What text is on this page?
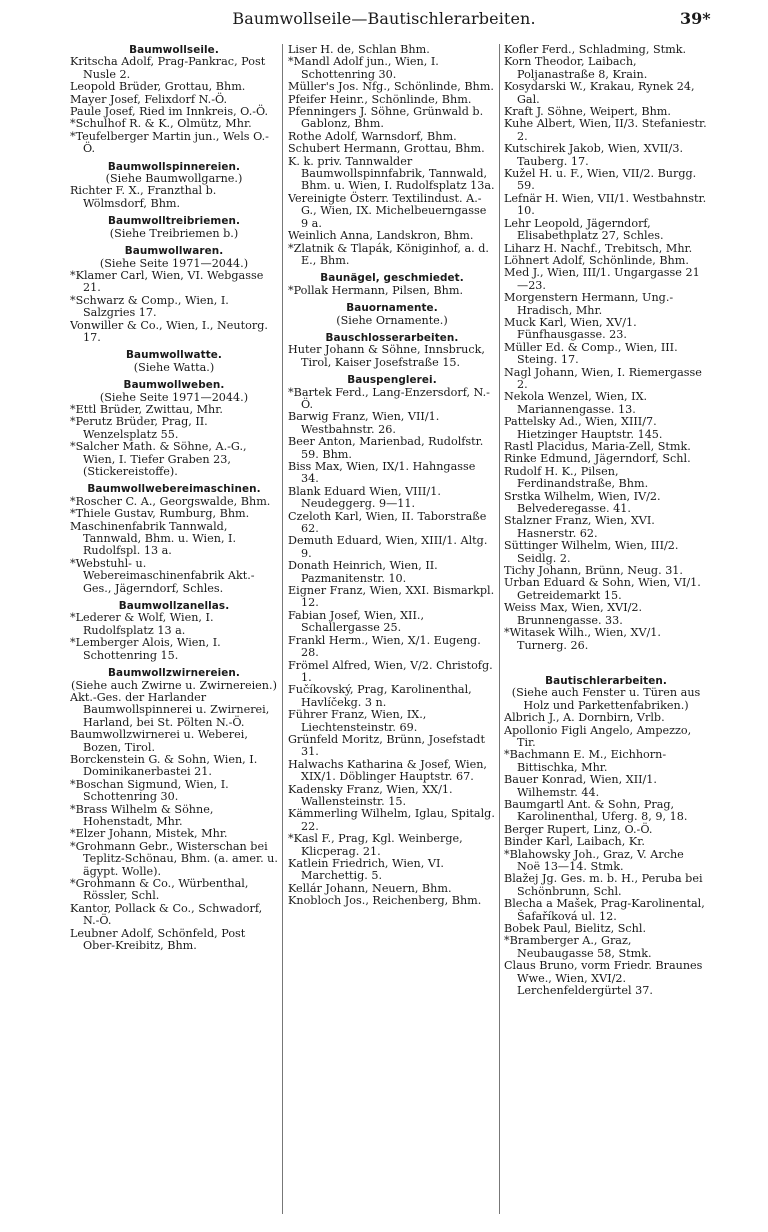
Baumwollseile—Bautischlerarbeiten.	39*
Baumwollseile.
Kritscha Adolf, Prag-Pankrac, Post Nusle 2.
Leopold Brüder, Grottau, Bhm.
Mayer Josef, Felixdorf N.-Ö.
Paule Josef, Ried im Innkreis, O.-Ö.
*Schulhof R. & K., Olmütz, Mhr.
*Teufelberger Martin jun., Wels O.-Ö.
Baumwollspinnereien.
(Siehe Baumwollgarne.)
Richter F. X., Franzthal b. Wölmsdorf, Bhm.
Baumwolltreibriemen.
(Siehe Treibriemen b.)
Baumwollwaren.
(Siehe Seite 1971—2044.)
*Klamer Carl, Wien, VI. Webgasse 21.
*Schwarz & Comp., Wien, I. Salzgries 17.
Vonwiller & Co., Wien, I., Neutorg. 17.
Baumwollwatte.
(Siehe Watta.)
Baumwollweben.
(Siehe Seite 1971—2044.)
*Ettl Brüder, Zwittau, Mhr.
*Perutz Brüder, Prag, II. Wenzelsplatz 55.
*Salcher Math. & Söhne, A.-G., Wien, I. Tiefer Graben 23, (Stickereistoffe).
Baumwollwebereimaschinen.
*Roscher C. A., Georgswalde, Bhm.
*Thiele Gustav, Rumburg, Bhm.
Maschinenfabrik Tannwald, Tannwald, Bhm. u. Wien, I. Rudolfspl. 13 a.
*Webstuhl- u. Webereimaschinenfabrik Akt.-Ges., Jägerndorf, Schles.
Baumwollzanellas.
*Lederer & Wolf, Wien, I. Rudolfsplatz 13 a.
*Lemberger Alois, Wien, I. Schottenring 15.
Baumwollzwirnereien.
(Siehe auch Zwirne u. Zwirnereien.)
Akt.-Ges. der Harlander Baumwollspinnerei u. Zwirnerei, Harland, bei St. Pölten N.-Ö.
Baumwollzwirnerei u. Weberei, Bozen, Tirol.
Borckenstein G. & Sohn, Wien, I. Dominikanerbastei 21.
*Boschan Sigmund, Wien, I. Schottenring 30.
*Brass Wilhelm & Söhne, Hohenstadt, Mhr.
*Elzer Johann, Mistek, Mhr.
*Grohmann Gebr., Wisterschan bei Teplitz-Schönau, Bhm. (a. amer. u. ägypt. Wolle).
*Grohmann & Co., Würbenthal, Rössler, Schl.
Kantor, Pollack & Co., Schwadorf, N.-Ö.
Leubner Adolf, Schönfeld, Post Ober-Kreibitz, Bhm.
Liser H. de, Schlan Bhm.
*Mandl Adolf jun., Wien, I. Schottenring 30.
Müller's Jos. Nfg., Schönlinde, Bhm.
Pfeifer Heinr., Schönlinde, Bhm.
Pfenningers J. Söhne, Grünwald b. Gablonz, Bhm.
Rothe Adolf, Warnsdorf, Bhm.
Schubert Hermann, Grottau, Bhm.
K. k. priv. Tannwalder Baumwollspinnfabrik, Tannwald, Bhm. u. Wien, I. Rudolfsplatz 13a.
Vereinigte Österr. Textilindust. A.-G., Wien, IX. Michelbeuerngasse 9 a.
Weinlich Anna, Landskron, Bhm.
*Zlatnik & Tlapák, Königinhof, a. d. E., Bhm.
Baunägel, geschmiedet.
*Pollak Hermann, Pilsen, Bhm.
Bauornamente.
(Siehe Ornamente.)
Bauschlosserarbeiten.
Huter Johann & Söhne, Innsbruck, Tirol, Kaiser Josefstraße 15.
Bauspenglerei.
*Bartek Ferd., Lang-Enzersdorf, N.-Ö.
Barwig Franz, Wien, VII/1. Westbahnstr. 26.
Beer Anton, Marienbad, Rudolfstr. 59. Bhm.
Biss Max, Wien, IX/1. Hahngasse 34.
Blank Eduard Wien, VIII/1. Neudeggerg. 9—11.
Czeloth Karl, Wien, II. Taborstraße 62.
Demuth Eduard, Wien, XIII/1. Altg. 9.
Donath Heinrich, Wien, II. Pazmanitenstr. 10.
Eigner Franz, Wien, XXI. Bismarkpl. 12.
Fabian Josef, Wien, XII., Schallergasse 25.
Frankl Herm., Wien, X/1. Eugeng. 28.
Frömel Alfred, Wien, V/2. Christofg. 1.
Fučíkovský, Prag, Karolinenthal, Havlíčekg. 3 n.
Führer Franz, Wien, IX., Liechtensteinstr. 69.
Grünfeld Moritz, Brünn, Josefstadt 31.
Halwachs Katharina & Josef, Wien, XIX/1. Döblinger Hauptstr. 67.
Kadensky Franz, Wien, XX/1. Wallensteinstr. 15.
Kämmerling Wilhelm, Iglau, Spitalg. 22.
*Kasl F., Prag, Kgl. Weinberge, Klicperag. 21.
Katlein Friedrich, Wien, VI. Marchettig. 5.
Kellár Johann, Neuern, Bhm.
Knobloch Jos., Reichenberg, Bhm.
Kofler Ferd., Schladming, Stmk.
Korn Theodor, Laibach, Poljanastraße 8, Krain.
Kosydarski W., Krakau, Rynek 24, Gal.
Kraft J. Söhne, Weipert, Bhm.
Kuhe Albert, Wien, II/3. Stefaniestr. 2.
Kutschirek Jakob, Wien, XVII/3. Tauberg. 17.
Kužel H. u. F., Wien, VII/2. Burgg. 59.
Lefnär H. Wien, VII/1. Westbahnstr. 10.
Lehr Leopold, Jägerndorf, Elisabethplatz 27, Schles.
Liharz H. Nachf., Trebitsch, Mhr.
Löhnert Adolf, Schönlinde, Bhm.
Med J., Wien, III/1. Ungargasse 21—23.
Morgenstern Hermann, Ung.-Hradisch, Mhr.
Muck Karl, Wien, XV/1. Fünfhausgasse. 23.
Müller Ed. & Comp., Wien, III. Steing. 17.
Nagl Johann, Wien, I. Riemergasse 2.
Nekola Wenzel, Wien, IX. Mariannengasse. 13.
Pattelsky Ad., Wien, XIII/7. Hietzinger Hauptstr. 145.
Rastl Placidus, Maria-Zell, Stmk.
Rinke Edmund, Jägerndorf, Schl.
Rudolf H. K., Pilsen, Ferdinandstraße, Bhm.
Srstka Wilhelm, Wien, IV/2. Belvederegasse. 41.
Stalzner Franz, Wien, XVI. Hasnerstr. 62.
Süttinger Wilhelm, Wien, III/2. Seidlg. 2.
Tichy Johann, Brünn, Neug. 31.
Urban Eduard & Sohn, Wien, VI/1. Getreidemarkt 15.
Weiss Max, Wien, XVI/2. Brunnengasse. 33.
*Witasek Wilh., Wien, XV/1. Turnerg. 26.
Bautischlerarbeiten.
(Siehe auch Fenster u. Türen aus Holz und Parkettenfabriken.)
Albrich J., A. Dornbirn, Vrlb.
Apollonio Figli Angelo, Ampezzo, Tir.
*Bachmann E. M., Eichhorn-Bittischka, Mhr.
Bauer Konrad, Wien, XII/1. Wilhemstr. 44.
Baumgartl Ant. & Sohn, Prag, Karolinenthal, Uferg. 8, 9, 18.
Berger Rupert, Linz, O.-Ö.
Binder Karl, Laibach, Kr.
*Blahowsky Joh., Graz, V. Arche Noë 13—14. Stmk.
Blažej Jg. Ges. m. b. H., Peruba bei Schönbrunn, Schl.
Blecha a Mašek, Prag-Karolinental, Šafaříková ul. 12.
Bobek Paul, Bielitz, Schl.
*Bramberger A., Graz, Neubaugasse 58, Stmk.
Claus Bruno, vorm Friedr. Braunes Wwe., Wien, XVI/2. Lerchenfeldergürtel 37.
